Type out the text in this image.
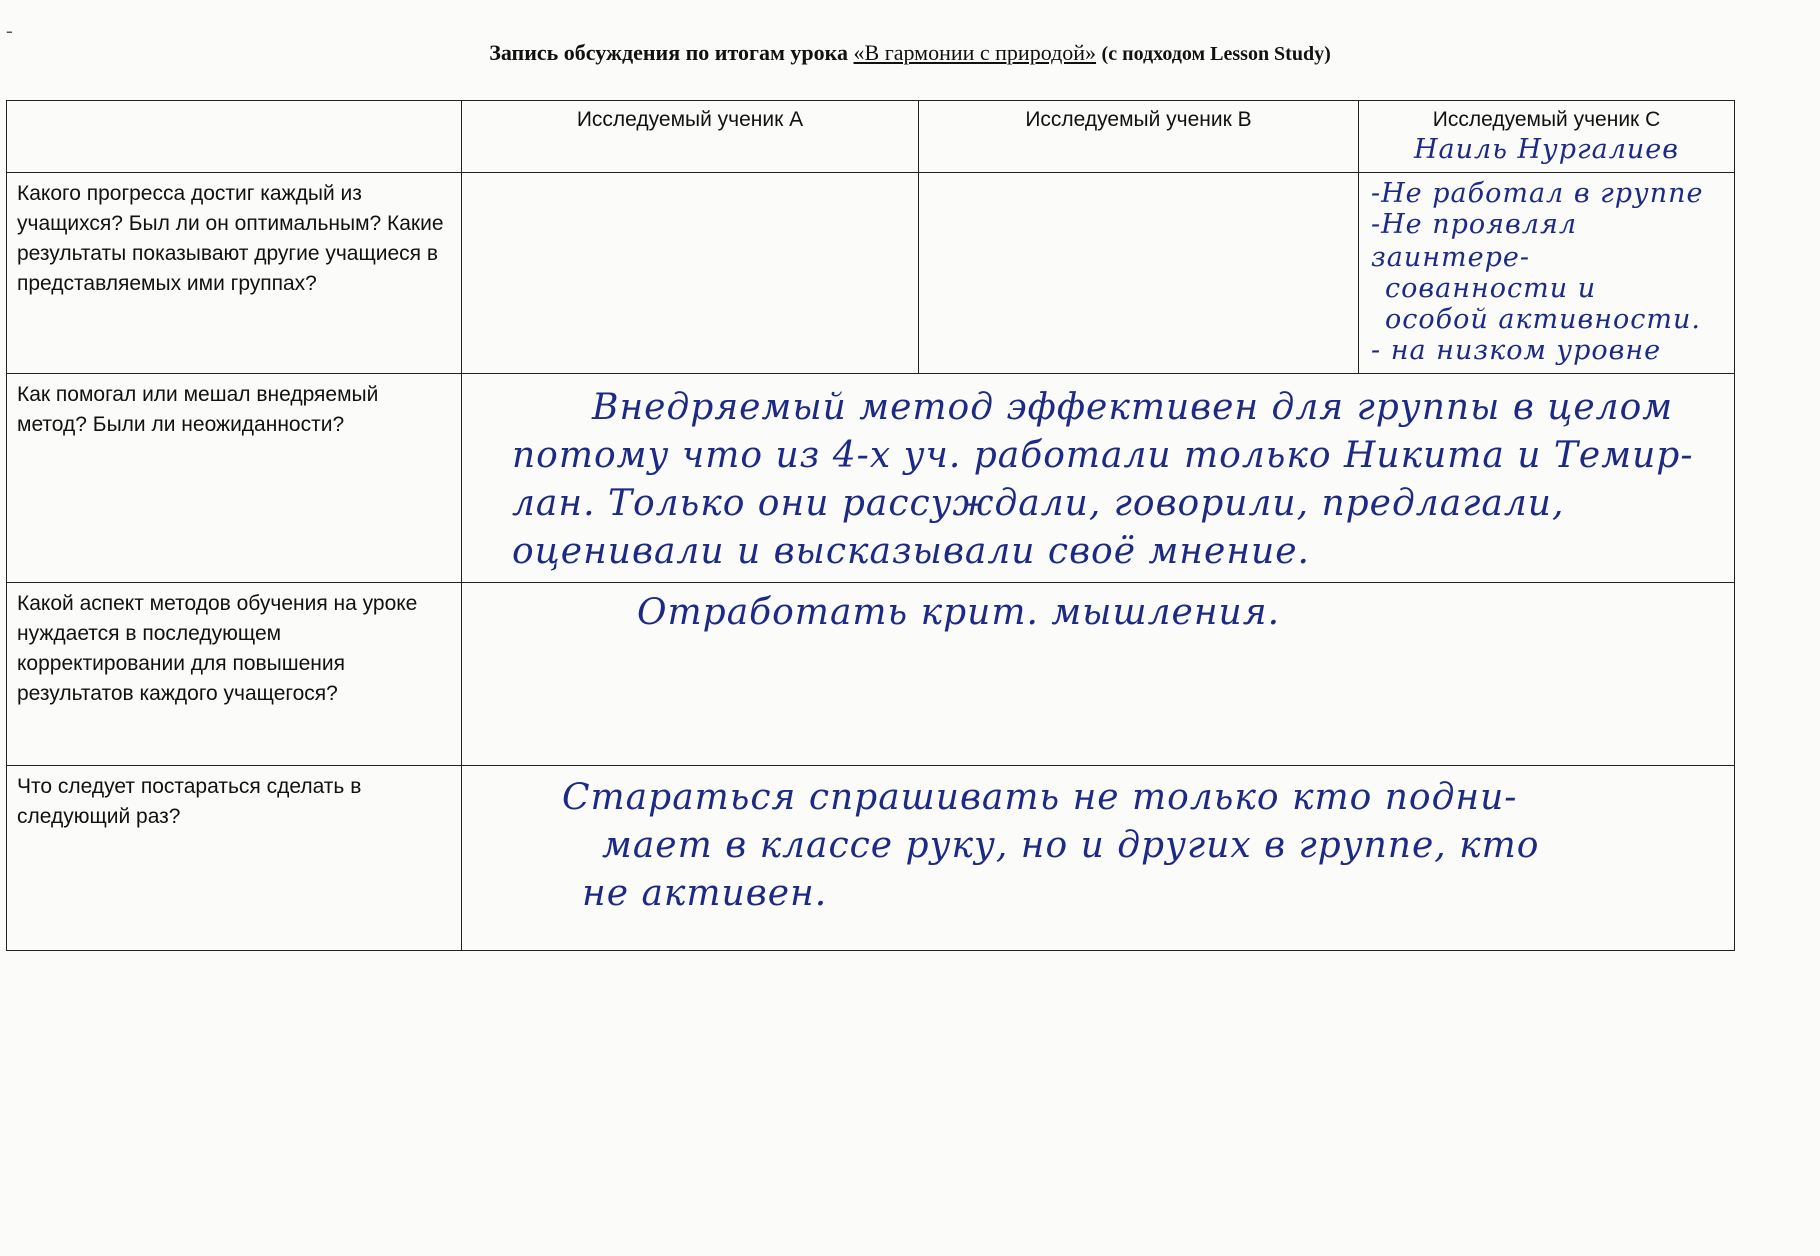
-
Запись обсуждения по итогам урока «В гармонии с природой» (с подходом Lesson Study)
	Исследуемый ученик А	Исследуемый ученик В	Исследуемый ученик С
Наиль Нургалиев

Какого прогресса достиг каждый из учащихся? Был ли он оптимальным? Какие результаты показывают другие учащиеся в представляемых ими группах?			-Не работал в группе
-Не проявлял заинтере-
сованности и
особой активности.
- на низком уровне

Как помогал или мешал внедряемый метод? Были ли неожиданности?	Внедряемый метод эффективен для группы в целом
потому что из 4-х уч. работали только Никита и Темир-
лан. Только они рассуждали, говорили, предлагали,
оценивали и высказывали своё мнение.		

Какой аспект методов обучения на уроке нуждается в последующем корректировании для повышения результатов каждого учащегося?	Отработать крит. мышления.		

Что следует постараться сделать в следующий раз?	Стараться спрашивать не только кто подни-
мает в классе руку, но и других в группе, кто
не активен.		
